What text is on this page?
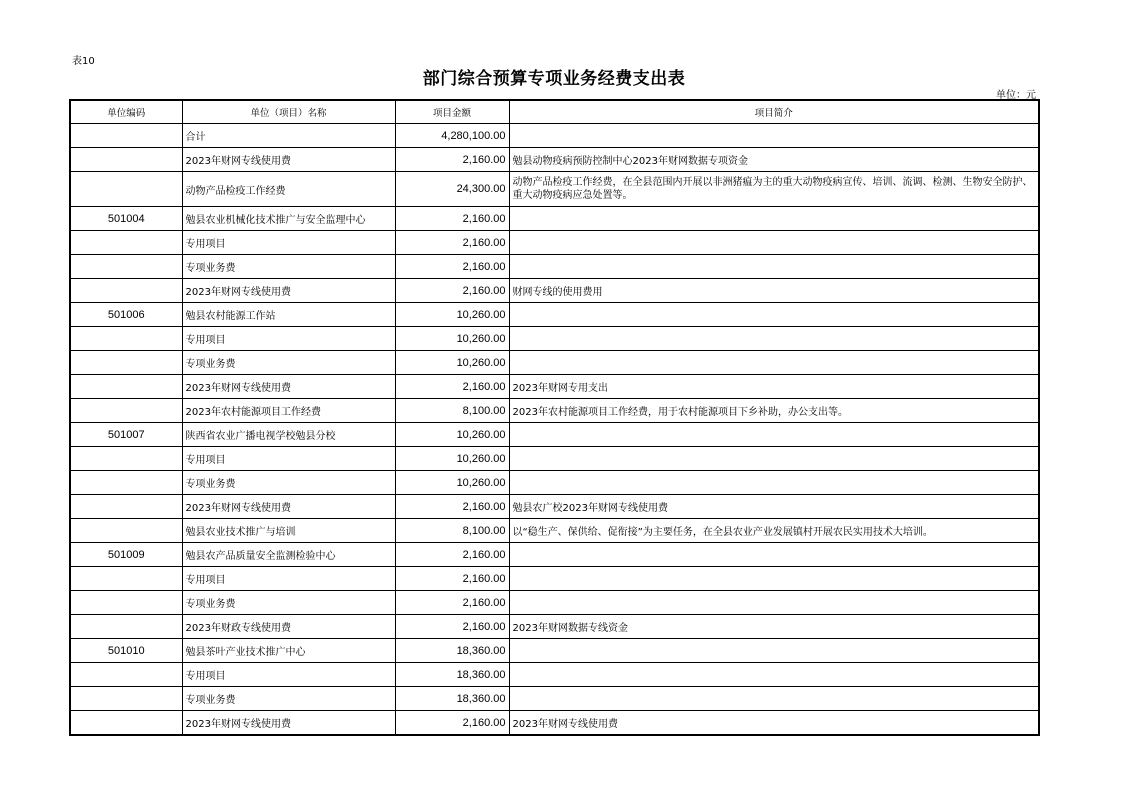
表10
部门综合预算专项业务经费支出表
单位：元
单位编码	单位（项目）名称	项目金额	项目简介
	合计	4,280,100.00	
	2023年财网专线使用费	2,160.00	勉县动物疫病预防控制中心2023年财网数据专项资金
	动物产品检疫工作经费	24,300.00	动物产品检疫工作经费，在全县范围内开展以非洲猪瘟为主的重大动物疫病宣传、培训、流调、检测、生物安全防护、重大动物疫病应急处置等。
501004	勉县农业机械化技术推广与安全监理中心	2,160.00	
	专用项目	2,160.00	
	专项业务费	2,160.00	
	2023年财网专线使用费	2,160.00	财网专线的使用费用
501006	勉县农村能源工作站	10,260.00	
	专用项目	10,260.00	
	专项业务费	10,260.00	
	2023年财网专线使用费	2,160.00	2023年财网专用支出
	2023年农村能源项目工作经费	8,100.00	2023年农村能源项目工作经费，用于农村能源项目下乡补助，办公支出等。
501007	陕西省农业广播电视学校勉县分校	10,260.00	
	专用项目	10,260.00	
	专项业务费	10,260.00	
	2023年财网专线使用费	2,160.00	勉县农广校2023年财网专线使用费
	勉县农业技术推广与培训	8,100.00	以“稳生产、保供给、促衔接”为主要任务，在全县农业产业发展镇村开展农民实用技术大培训。
501009	勉县农产品质量安全监测检验中心	2,160.00	
	专用项目	2,160.00	
	专项业务费	2,160.00	
	2023年财政专线使用费	2,160.00	2023年财网数据专线资金
501010	勉县茶叶产业技术推广中心	18,360.00	
	专用项目	18,360.00	
	专项业务费	18,360.00	
	2023年财网专线使用费	2,160.00	2023年财网专线使用费
